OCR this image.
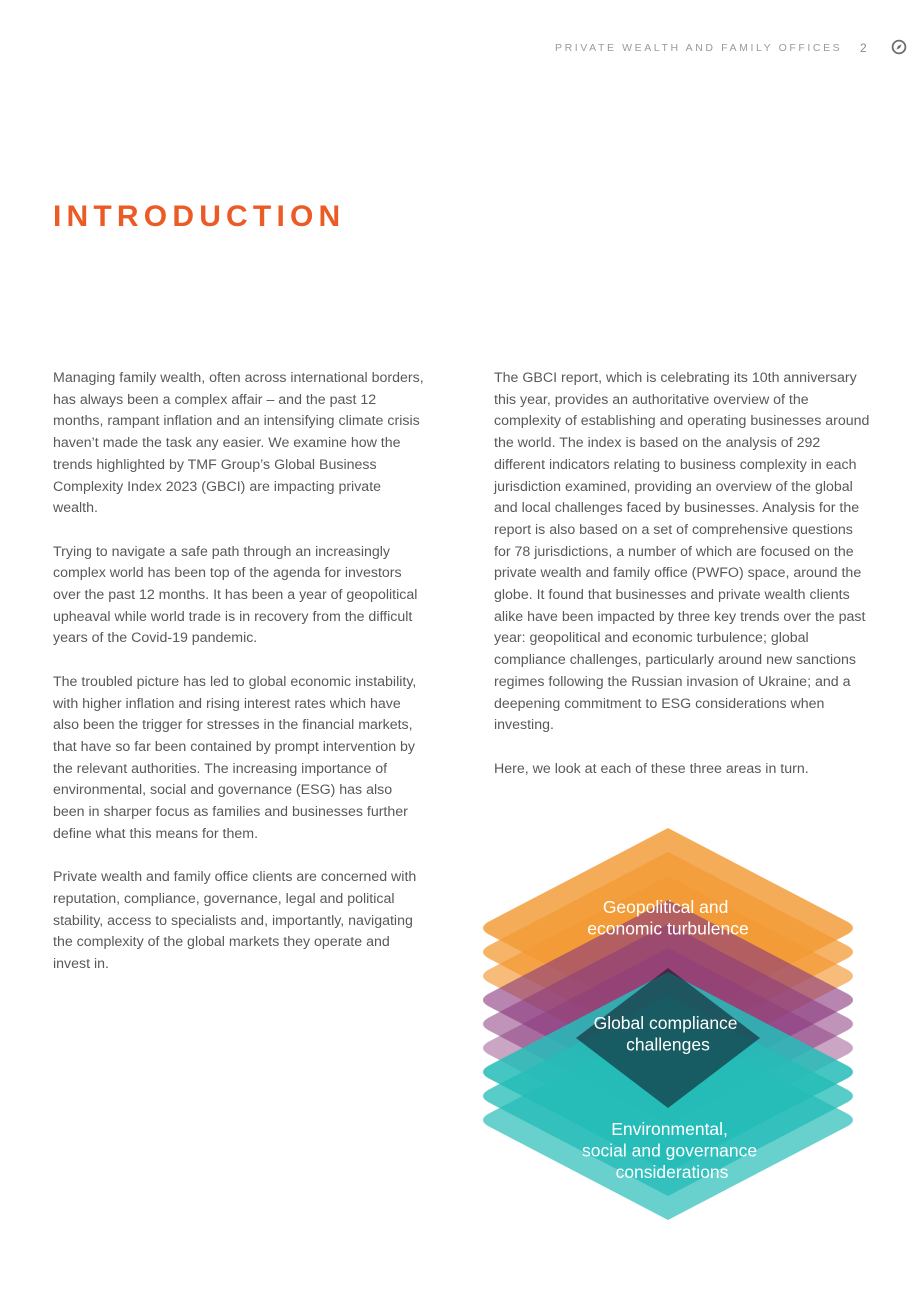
PRIVATE WEALTH AND FAMILY OFFICES 2
INTRODUCTION

Managing family wealth, often across international borders, has always been a complex affair – and the past 12 months, rampant inflation and an intensifying climate crisis haven’t made the task any easier. We examine how the trends highlighted by TMF Group’s Global Business Complexity Index 2023 (GBCI) are impacting private wealth.

Trying to navigate a safe path through an increasingly complex world has been top of the agenda for investors over the past 12 months. It has been a year of geopolitical upheaval while world trade is in recovery from the difficult years of the Covid-19 pandemic.

The troubled picture has led to global economic instability, with higher inflation and rising interest rates which have also been the trigger for stresses in the financial markets, that have so far been contained by prompt intervention by the relevant authorities. The increasing importance of environmental, social and governance (ESG) has also been in sharper focus as families and businesses further define what this means for them.

Private wealth and family office clients are concerned with reputation, compliance, governance, legal and political stability, access to specialists and, importantly, navigating the complexity of the global markets they operate and invest in.

The GBCI report, which is celebrating its 10th anniversary this year, provides an authoritative overview of the complexity of establishing and operating businesses around the world. The index is based on the analysis of 292 different indicators relating to business complexity in each jurisdiction examined, providing an overview of the global and local challenges faced by businesses. Analysis for the report is also based on a set of comprehensive questions for 78 jurisdictions, a number of which are focused on the private wealth and family office (PWFO) space, around the globe. It found that businesses and private wealth clients alike have been impacted by three key trends over the past year: geopolitical and economic turbulence; global compliance challenges, particularly around new sanctions regimes following the Russian invasion of Ukraine; and a deepening commitment to ESG considerations when investing.

Here, we look at each of these three areas in turn.

Geopolitical and economic turbulence
Global compliance challenges
Environmental, social and governance considerations
